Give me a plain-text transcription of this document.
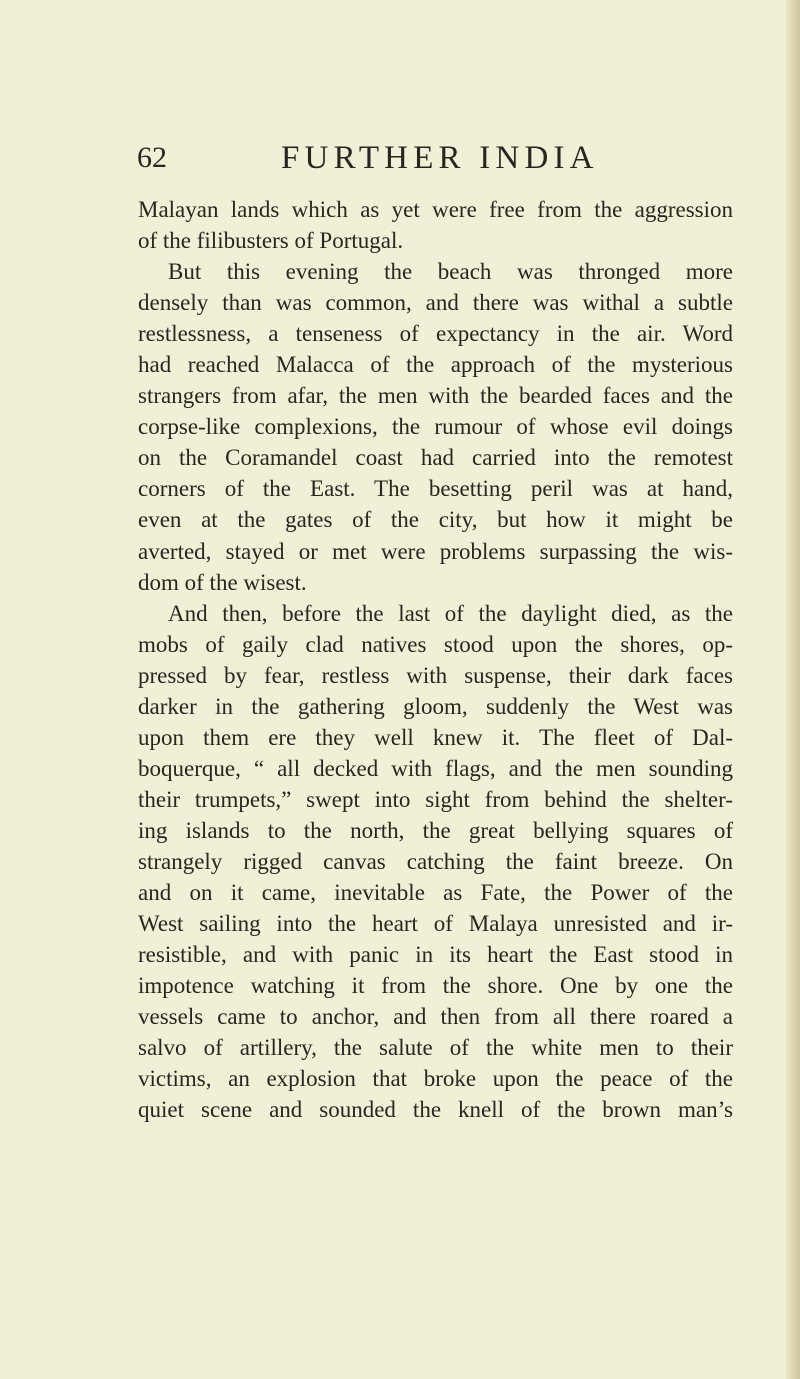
62	FURTHER INDIA
Malayan lands which as yet were free from the aggression
of the filibusters of Portugal.
But this evening the beach was thronged more
densely than was common, and there was withal a subtle
restlessness, a tenseness of expectancy in the air. Word
had reached Malacca of the approach of the mysterious
strangers from afar, the men with the bearded faces and the
corpse-like complexions, the rumour of whose evil doings
on the Coramandel coast had carried into the remotest
corners of the East. The besetting peril was at hand,
even at the gates of the city, but how it might be
averted, stayed or met were problems surpassing the wis-
dom of the wisest.
And then, before the last of the daylight died, as the
mobs of gaily clad natives stood upon the shores, op-
pressed by fear, restless with suspense, their dark faces
darker in the gathering gloom, suddenly the West was
upon them ere they well knew it. The fleet of Dal-
boquerque, “ all decked with flags, and the men sounding
their trumpets,” swept into sight from behind the shelter-
ing islands to the north, the great bellying squares of
strangely rigged canvas catching the faint breeze. On
and on it came, inevitable as Fate, the Power of the
West sailing into the heart of Malaya unresisted and ir-
resistible, and with panic in its heart the East stood in
impotence watching it from the shore. One by one the
vessels came to anchor, and then from all there roared a
salvo of artillery, the salute of the white men to their
victims, an explosion that broke upon the peace of the
quiet scene and sounded the knell of the brown man’s
